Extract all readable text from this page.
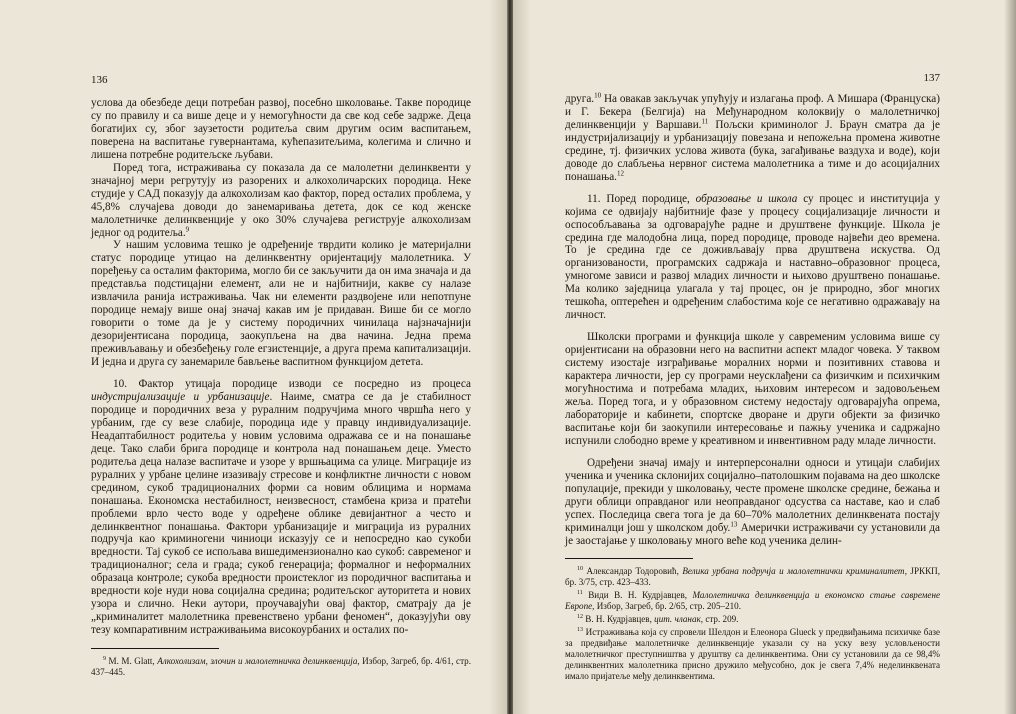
136

услова да обезбеде деци потребан развој, посебно школовање. Такве породице су по правилу и са више деце и у немогућности да све код себе задрже. Деца богатијих су, због заузетости родитеља свим другим осим васпитањем, поверена на васпитање гувернантама, кућепазитељима, колегима и слично и лишена потребне родитељске љубави.

Поред тога, истраживања су показала да се малолетни делинквенти у значајној мери регрутују из разорених и алкохоличарских породица. Неке студије у САД показују да алкохолизам као фактор, поред осталих проблема, у 45,8% случајева доводи до занемаривања детета, док се код женске малолетничке делинквенције у око 30% случајева региструје алкохолизам једног од родитеља.$^9$

У нашим условима тешко је одређеније тврдити колико је материјални статус породице утицао на делинквентну оријентацију малолетника. У поређењу са осталим факторима, могло би се закључити да он има значаја и да представља подстицајни елемент, али не и најбитнији, какве су налазе извлачила ранија истраживања. Чак ни елементи раздвојене или непотпуне породице немају више онај значај какав им је придаван. Више би се могло говорити о томе да је у систему породичних чинилаца најзначајнији дезоријентисана породица, заокупљена на два начина. Једна према преживљавању и обезбеђењу голе егзистенције, а друга према капитализацији. И једна и друга су занемариле бављење васпитном функцијом детета.

10. Фактор утицаја породице изводи се посредно из процеса индустријализације и урбанизације. Наиме, сматра се да је стабилност породице и породичних веза у руралним подручјима много чвршћа него у урбаним, где су везе слабије, породица иде у правцу индивидуализације. Неадаптабилност родитеља у новим условима одражава се и на понашање деце. Тако слаби брига породице и контрола над понашањем деце. Уместо родитеља деца налазе васпитаче и узоре у вршњацима са улице. Миграције из руралних у урбане целине изазивају стресове и конфликтне личности с новом средином, сукоб традиционалних форми са новим облицима и нормама понашања. Економска нестабилност, неизвесност, стамбена криза и пратећи проблеми врло често воде у одређене облике девијантног а често и делинквентног понашања. Фактори урбанизације и миграција из руралних подручја као криминогени чиниоци исказују се и непосредно као сукоби вредности. Тај сукоб се испољава вишедимензионално као сукоб: савременог и традиционалног; села и града; сукоб генерација; формалног и неформалних образаца контроле; сукоба вредности проистеклог из породичног васпитања и вредности које нуди нова социјална средина; родитељског ауторитета и нових узора и слично. Неки аутори, проучавајући овај фактор, сматрају да је „криминалитет малолетника превенствено урбани феномен“, доказујући ову тезу компаративним истраживањима високоурбаних и осталих по-

$^9$ М. М. Glatt, Алкохолизам, злочин и малолетничка делинквенција, Избор, Загреб, бр. 4/61, стр. 437–445.

137

друга.$^{10}$ На овакав закључак упућују и излагања проф. А Мишара (Француска) и Г. Бекера (Белгија) на Међународном колоквију о малолетничкој делинквенцији у Варшави.$^{11}$ Пољски криминолог Ј. Браун сматра да је индустријализацију и урбанизацију повезана и непожељна промена животне средине, тј. физичких услова живота (бука, загађивање ваздуха и воде), који доводе до слабљења нервног система малолетника а тиме и до асоцијалних понашања.$^{12}$

11. Поред породице, образовање и школа су процес и институција у којима се одвијају најбитније фазе у процесу социјализације личности и оспособљавања за одговарајуће радне и друштвене функције. Школа је средина где малодобна лица, поред породице, проводе највећи део времена. То је средина где се доживљавају прва друштвена искуства. Од организованости, програмских садржаја и наставно–образовног процеса, умногоме зависи и развој младих личности и њихово друштвено понашање. Ма колико заједница улагала у тај процес, он је природно, због многих тешкоћа, оптерећен и одређеним слабостима које се негативно одражавају на личност.

Школски програми и функција школе у савременим условима више су оријентисани на образовни него на васпитни аспект младог човека. У таквом систему изостаје изграђивање моралних норми и позитивних ставова и карактера личности, јер су програми неусклађени са физичким и психичким могућностима и потребама младих, њиховим интересом и задовољењем жеља. Поред тога, и у образовном систему недостају одговарајућа опрема, лабораторије и кабинети, спортске дворане и други објекти за физичко васпитање који би заокупили интересовање и пажњу ученика и садржајно испунили слободно време у креативном и инвентивном раду младе личности.

Одређени значај имају и интерперсонални односи и утицаји слабијих ученика и ученика склонијих социјално–патолошким појавама на део школске популације, прекиди у школовању, честе промене школске средине, бежања и други облици оправданог или неоправданог одсуства са наставе, као и слаб успех. Последица свега тога је да 60–70% малолетних делинквената постају криминалци још у школском добу.$^{13}$ Амерички истраживачи су установили да је заостајање у школовању много веће код ученика делин-

$^{10}$ Александар Тодоровић, Велика урбана подручја и малолетнички криминалитет, ЈРККП, бр. 3/75, стр. 423–433.

$^{11}$ Види В. Н. Кудрјавцев, Малолетничка делинквенција и економско стање савремене Европе, Избор, Загреб, бр. 2/65, стр. 205–210.

$^{12}$ В. Н. Кудрјавцев, цит. чланак, стр. 209.

$^{13}$ Истраживања која су спровели Шелдон и Елеонора Glueck у предвиђањима психичке базе за предвиђање малолетничке делинквенције указали су на уску везу условљености малолетничког преступништва у друштву са делинквентима. Они су установили да се 98,4% делинквентних малолетника присно дружило међусобно, док је свега 7,4% неделинквената имало пријатеље међу делинквентима.
